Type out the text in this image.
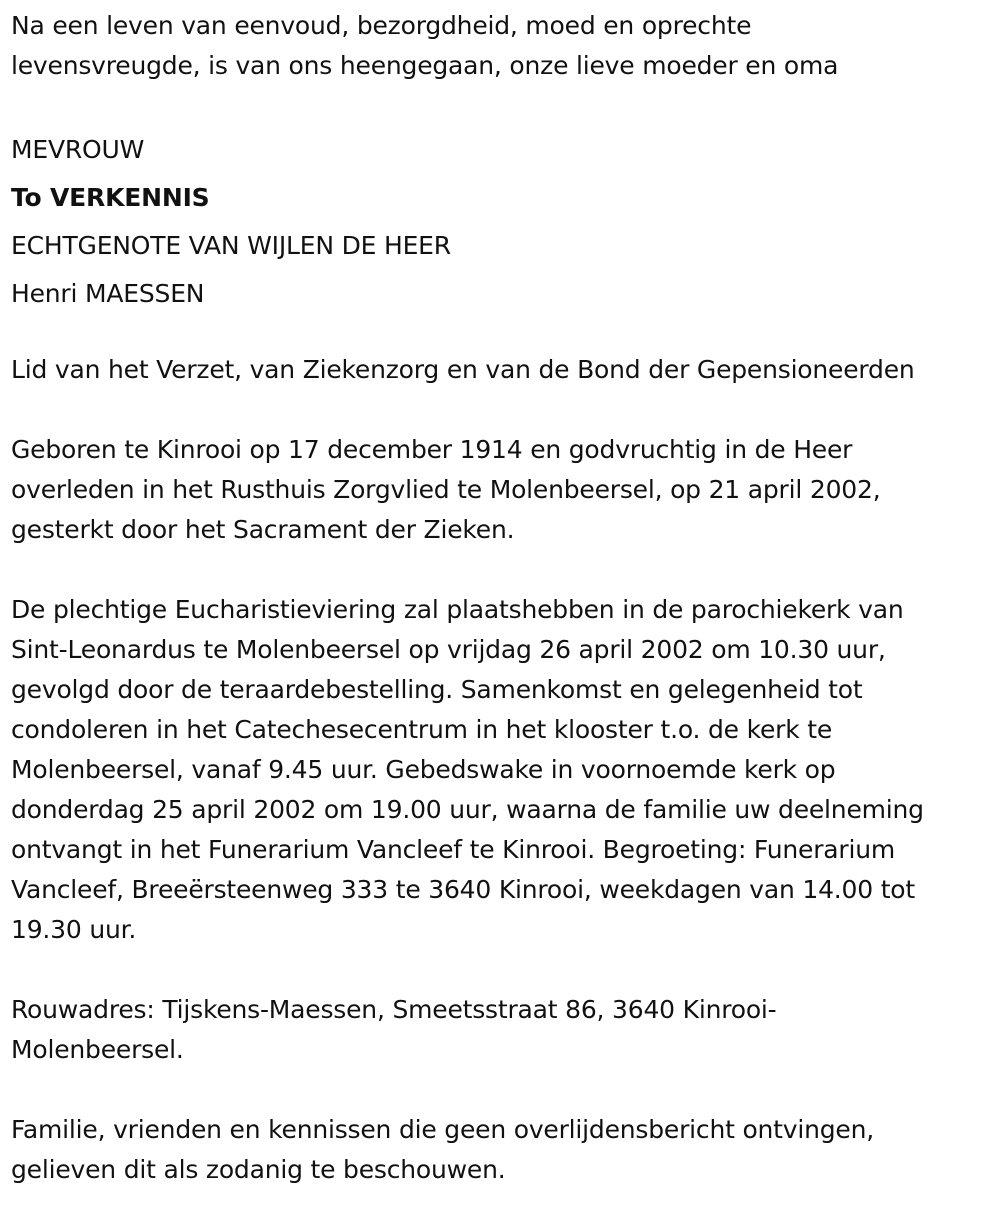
Na een leven van eenvoud, bezorgdheid, moed en oprechte
levensvreugde, is van ons heengegaan, onze lieve moeder en oma

MEVROUW
To VERKENNIS
ECHTGENOTE VAN WIJLEN DE HEER
Henri MAESSEN

Lid van het Verzet, van Ziekenzorg en van de Bond der Gepensioneerden

Geboren te Kinrooi op 17 december 1914 en godvruchtig in de Heer
overleden in het Rusthuis Zorgvlied te Molenbeersel, op 21 april 2002,
gesterkt door het Sacrament der Zieken.

De plechtige Eucharistieviering zal plaatshebben in de parochiekerk van
Sint-Leonardus te Molenbeersel op vrijdag 26 april 2002 om 10.30 uur,
gevolgd door de teraardebestelling. Samenkomst en gelegenheid tot
condoleren in het Catechesecentrum in het klooster t.o. de kerk te
Molenbeersel, vanaf 9.45 uur. Gebedswake in voornoemde kerk op
donderdag 25 april 2002 om 19.00 uur, waarna de familie uw deelneming
ontvangt in het Funerarium Vancleef te Kinrooi. Begroeting: Funerarium
Vancleef, Breeërsteenweg 333 te 3640 Kinrooi, weekdagen van 14.00 tot
19.30 uur.

Rouwadres: Tijskens-Maessen, Smeetsstraat 86, 3640 Kinrooi-
Molenbeersel.

Familie, vrienden en kennissen die geen overlijdensbericht ontvingen,
gelieven dit als zodanig te beschouwen.
